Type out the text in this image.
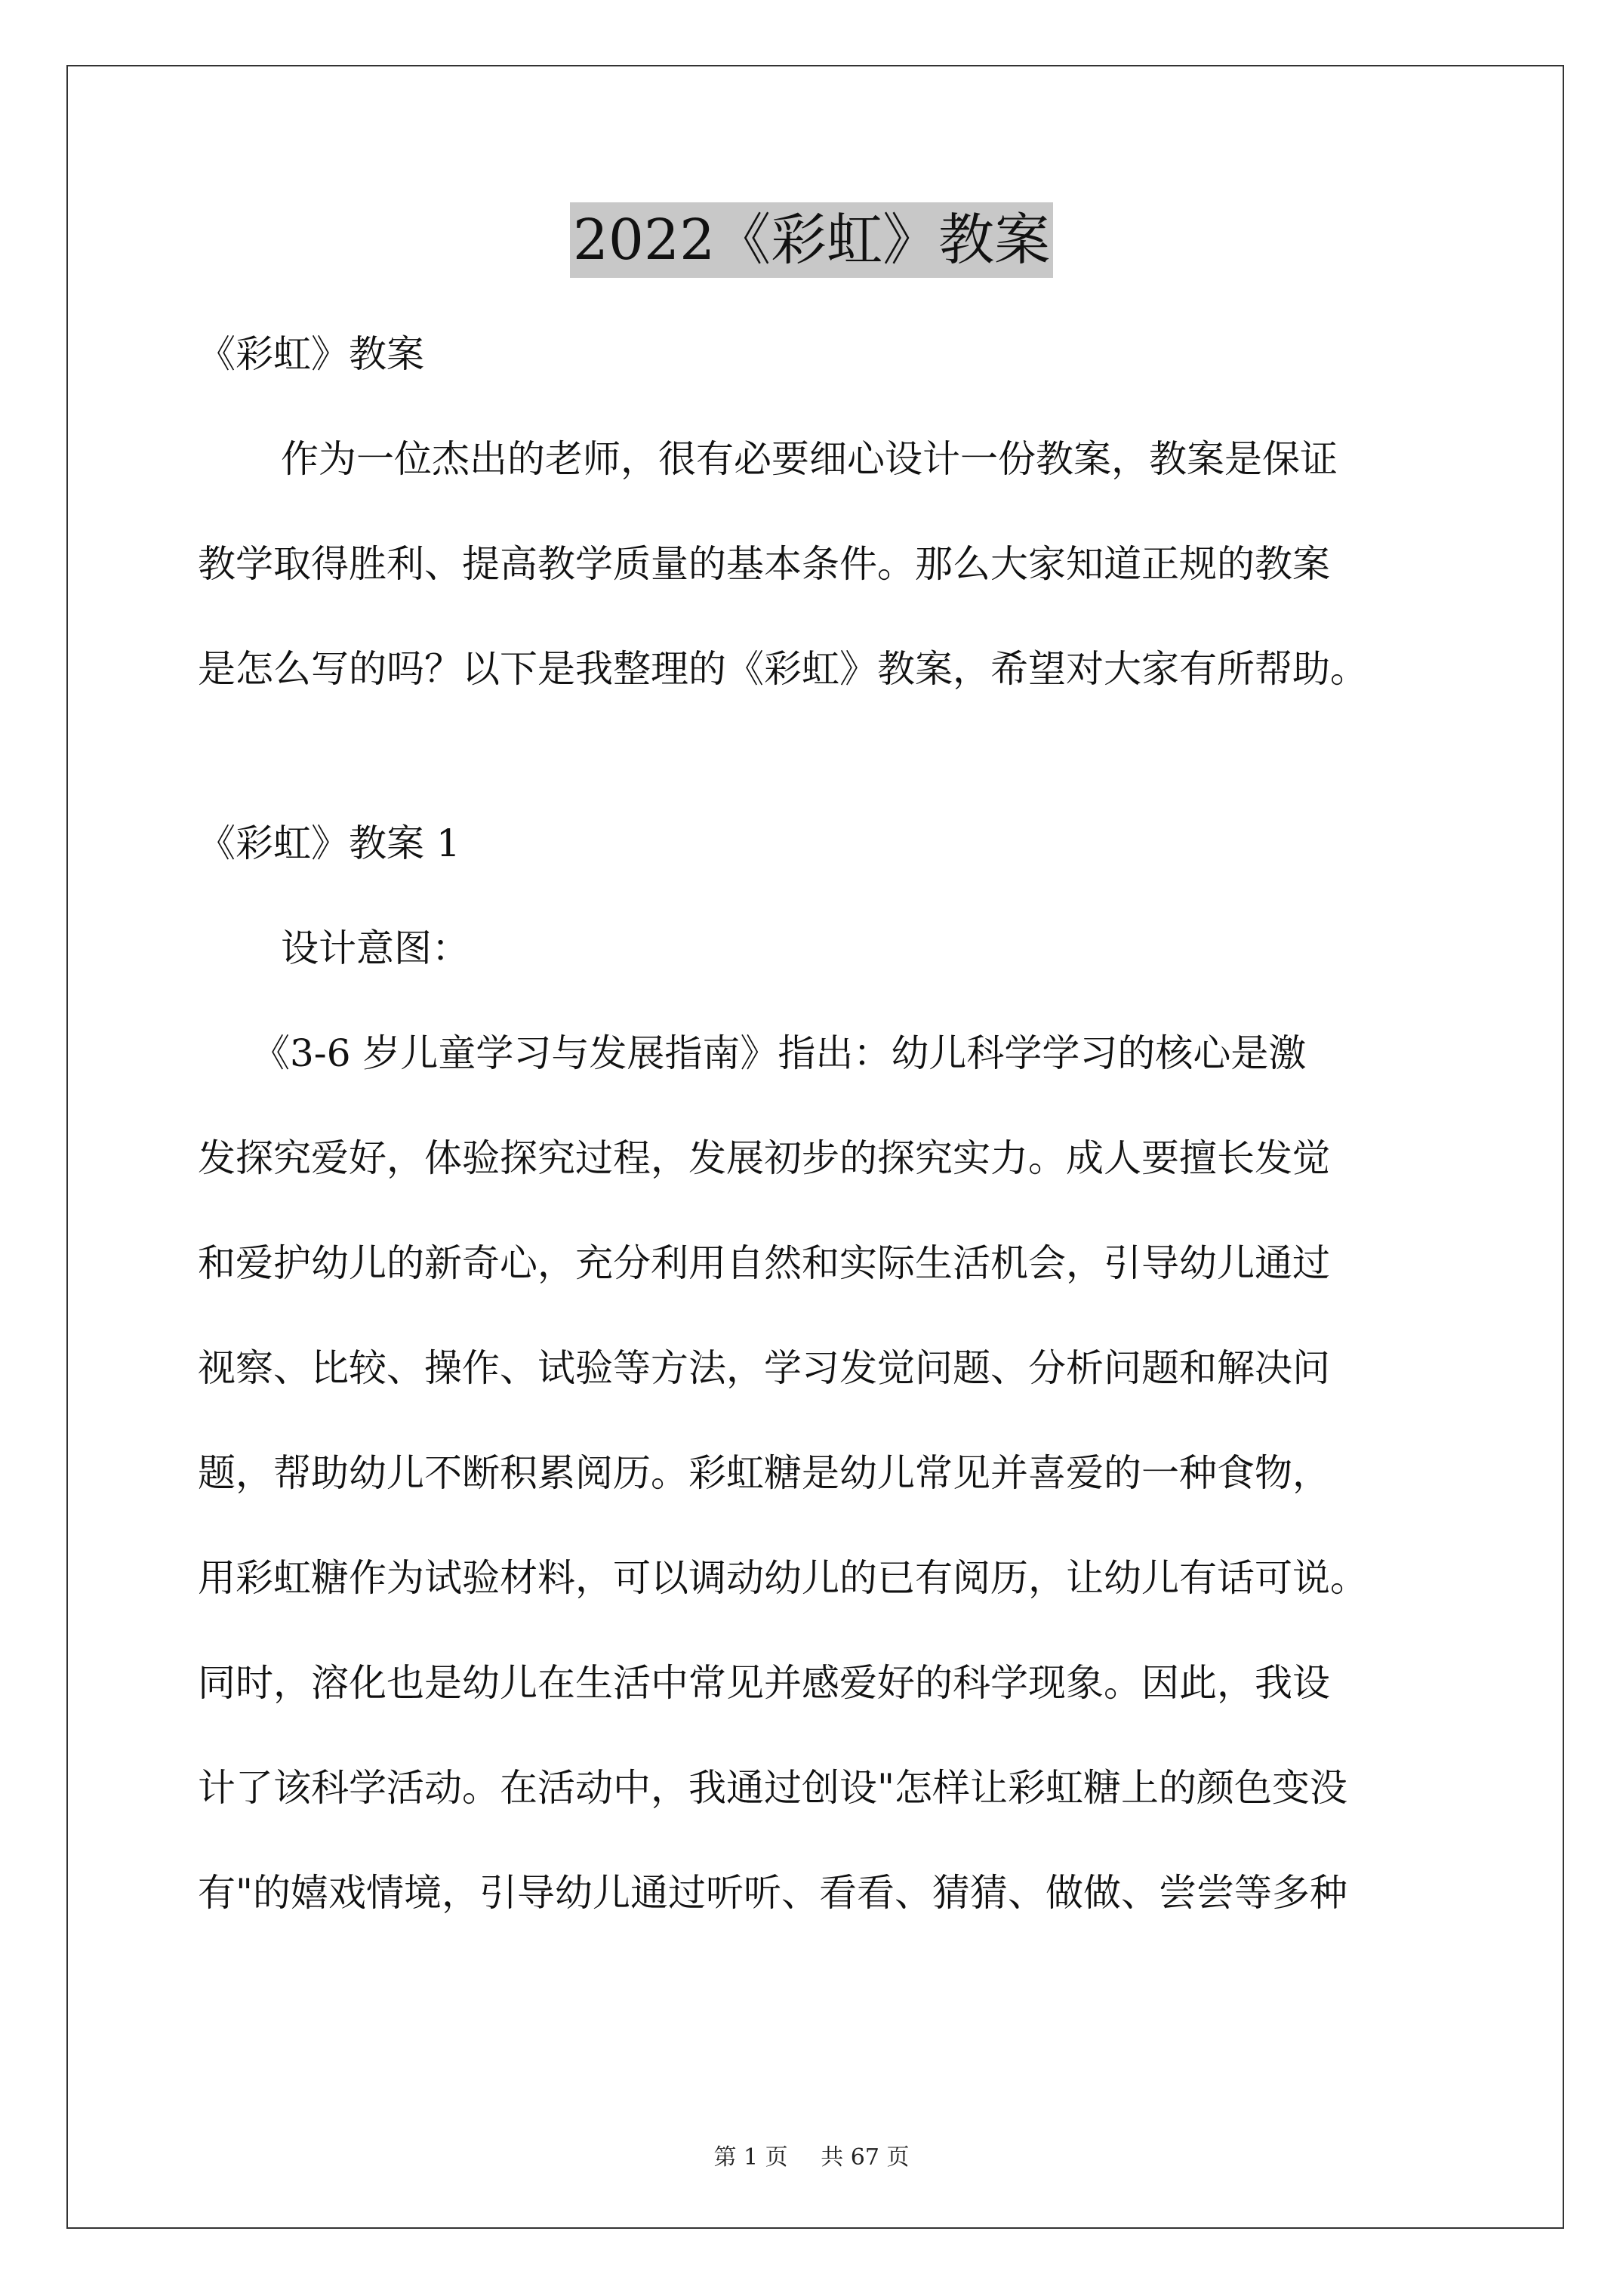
2022《彩虹》教案
《彩虹》教案
作为一位杰出的老师，很有必要细心设计一份教案，教案是保证
教学取得胜利、提高教学质量的基本条件。那么大家知道正规的教案
是怎么写的吗？以下是我整理的《彩虹》教案，希望对大家有所帮助。
《彩虹》教案 1
设计意图：
《3-6 岁儿童学习与发展指南》指出：幼儿科学学习的核心是激
发探究爱好，体验探究过程，发展初步的探究实力。成人要擅长发觉
和爱护幼儿的新奇心，充分利用自然和实际生活机会，引导幼儿通过
视察、比较、操作、试验等方法，学习发觉问题、分析问题和解决问
题，帮助幼儿不断积累阅历。彩虹糖是幼儿常见并喜爱的一种食物，
用彩虹糖作为试验材料，可以调动幼儿的已有阅历，让幼儿有话可说。
同时，溶化也是幼儿在生活中常见并感爱好的科学现象。因此，我设
计了该科学活动。在活动中，我通过创设"怎样让彩虹糖上的颜色变没
有"的嬉戏情境，引导幼儿通过听听、看看、猜猜、做做、尝尝等多种
第 1 页 共 67 页
